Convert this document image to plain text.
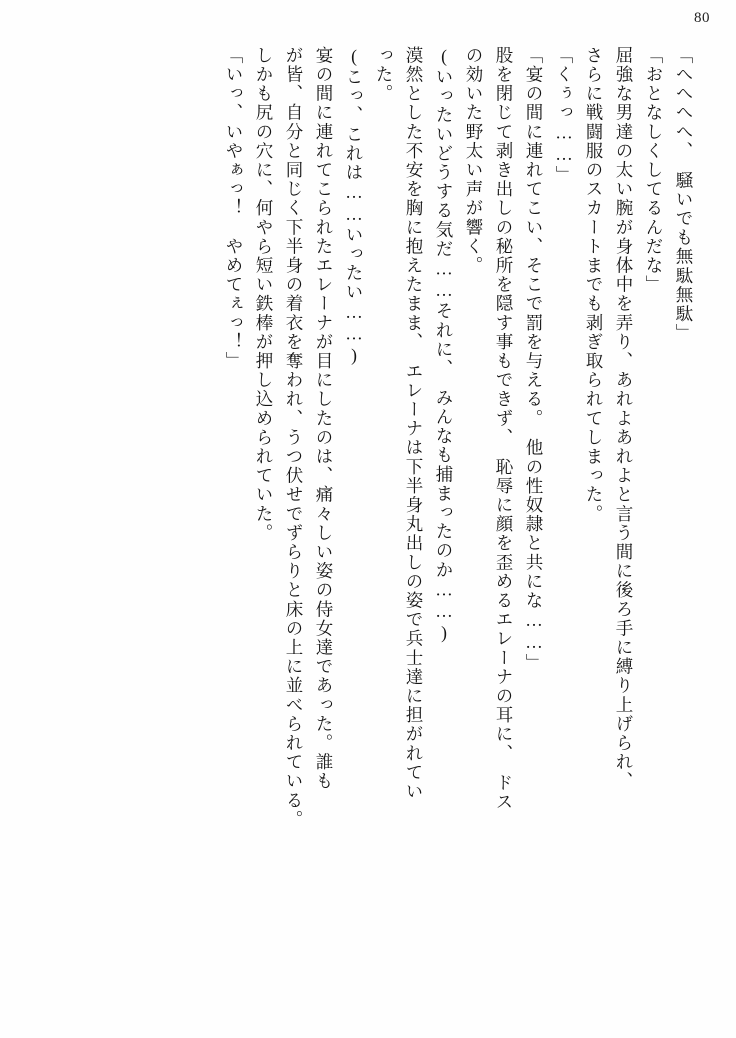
80
「へへへへ、　騒いでも無駄無駄」
「おとなしくしてるんだな」
屈強な男達の太い腕が身体中を弄り、あれよあれよと言う間に後ろ手に縛り上げられ、
さらに戦闘服のスカートまでも剥ぎ取られてしまった。
「くぅっ……」
「宴の間に連れてこい、そこで罰を与える。　他の性奴隷と共にな……」
股を閉じて剥き出しの秘所を隠す事もできず、　恥辱に顔を歪めるエレーナの耳に、　ドス
の効いた野太い声が響く。
(いったいどうする気だ……それに、　みんなも捕まったのか……)
漠然とした不安を胸に抱えたまま、　エレーナは下半身丸出しの姿で兵士達に担がれてい
った。
(こっ、これは……いったい……)
宴の間に連れてこられたエレーナが目にしたのは、痛々しい姿の侍女達であった。誰も
が皆、自分と同じく下半身の着衣を奪われ、うつ伏せでずらりと床の上に並べられている。
しかも尻の穴に、何やら短い鉄棒が押し込められていた。
「いっ、いやぁっ！　やめてぇっ！」
